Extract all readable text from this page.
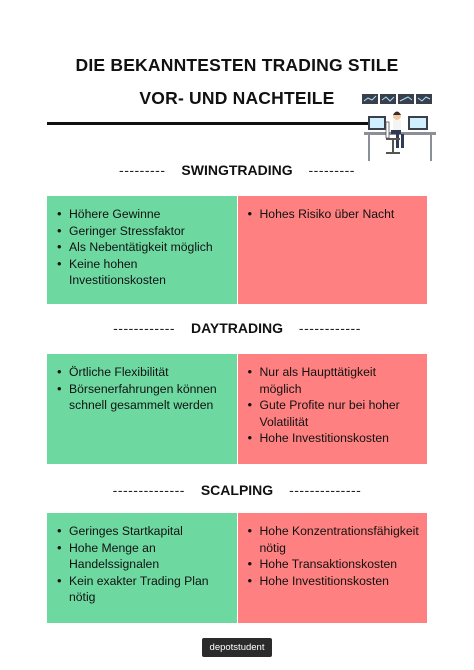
DIE BEKANNTESTEN TRADING STILE
VOR- UND NACHTEILE
--------- SWINGTRADING ---------
• Höhere Gewinne
• Geringer Stressfaktor
• Als Nebentätigkeit möglich
• Keine hohen Investitionskosten
• Hohes Risiko über Nacht
------------ DAYTRADING ------------
• Örtliche Flexibilität
• Börsenerfahrungen können schnell gesammelt werden
• Nur als Haupttätigkeit möglich
• Gute Profite nur bei hoher Volatilität
• Hohe Investitionskosten
-------------- SCALPING --------------
• Geringes Startkapital
• Hohe Menge an Handelssignalen
• Kein exakter Trading Plan nötig
• Hohe Konzentrationsfähigkeit nötig
• Hohe Transaktionskosten
• Hohe Investitionskosten
depotstudent
